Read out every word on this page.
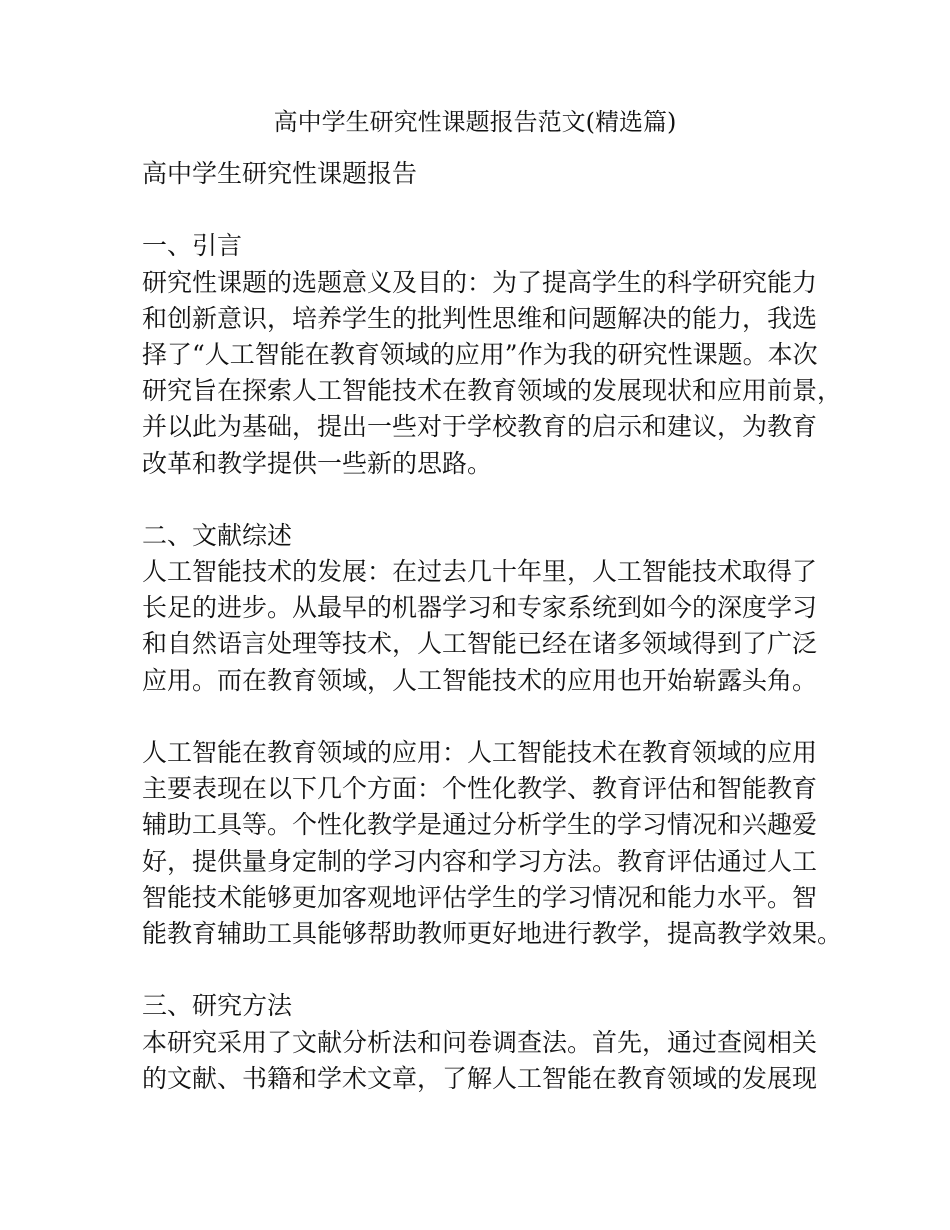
高中学生研究性课题报告范文(精选篇)
高中学生研究性课题报告
一、引言
研究性课题的选题意义及目的：为了提高学生的科学研究能力
和创新意识，培养学生的批判性思维和问题解决的能力，我选
择了“人工智能在教育领域的应用”作为我的研究性课题。本次
研究旨在探索人工智能技术在教育领域的发展现状和应用前景，
并以此为基础，提出一些对于学校教育的启示和建议，为教育
改革和教学提供一些新的思路。
二、文献综述
人工智能技术的发展：在过去几十年里，人工智能技术取得了
长足的进步。从最早的机器学习和专家系统到如今的深度学习
和自然语言处理等技术，人工智能已经在诸多领域得到了广泛
应用。而在教育领域，人工智能技术的应用也开始崭露头角。
人工智能在教育领域的应用：人工智能技术在教育领域的应用
主要表现在以下几个方面：个性化教学、教育评估和智能教育
辅助工具等。个性化教学是通过分析学生的学习情况和兴趣爱
好，提供量身定制的学习内容和学习方法。教育评估通过人工
智能技术能够更加客观地评估学生的学习情况和能力水平。智
能教育辅助工具能够帮助教师更好地进行教学，提高教学效果。
三、研究方法
本研究采用了文献分析法和问卷调查法。首先，通过查阅相关
的文献、书籍和学术文章，了解人工智能在教育领域的发展现
